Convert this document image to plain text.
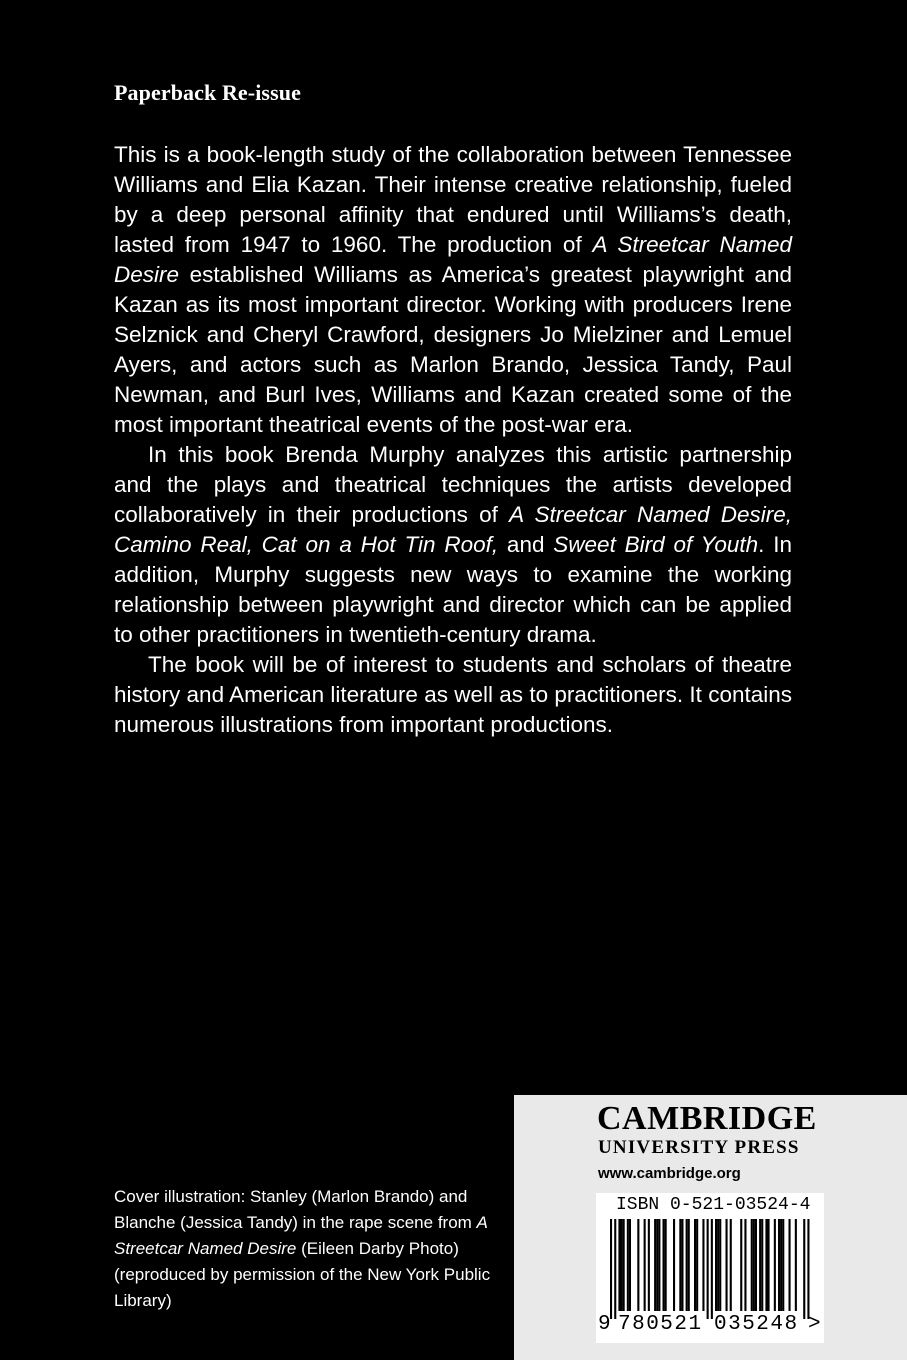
Paperback Re-issue

This is a book-length study of the collaboration between Tennessee Williams and Elia Kazan. Their intense creative relationship, fueled by a deep personal affinity that endured until Williams’s death, lasted from 1947 to 1960. The production of A Streetcar Named Desire established Williams as America’s greatest playwright and Kazan as its most important director. Working with producers Irene Selznick and Cheryl Crawford, designers Jo Mielziner and Lemuel Ayers, and actors such as Marlon Brando, Jessica Tandy, Paul Newman, and Burl Ives, Williams and Kazan created some of the most important theatrical events of the post-war era.

In this book Brenda Murphy analyzes this artistic partnership and the plays and theatrical techniques the artists developed collaboratively in their productions of A Streetcar Named Desire, Camino Real, Cat on a Hot Tin Roof, and Sweet Bird of Youth. In addition, Murphy suggests new ways to examine the working relationship between playwright and director which can be applied to other practitioners in twentieth-century drama.

The book will be of interest to students and scholars of theatre history and American literature as well as to practitioners. It contains numerous illustrations from important productions.

Cover illustration: Stanley (Marlon Brando) and Blanche (Jessica Tandy) in the rape scene from A Streetcar Named Desire (Eileen Darby Photo) (reproduced by permission of the New York Public Library)
CAMBRIDGE
UNIVERSITY PRESS
www.cambridge.org
ISBN 0-521-03524-4
9 780521 035248 >
